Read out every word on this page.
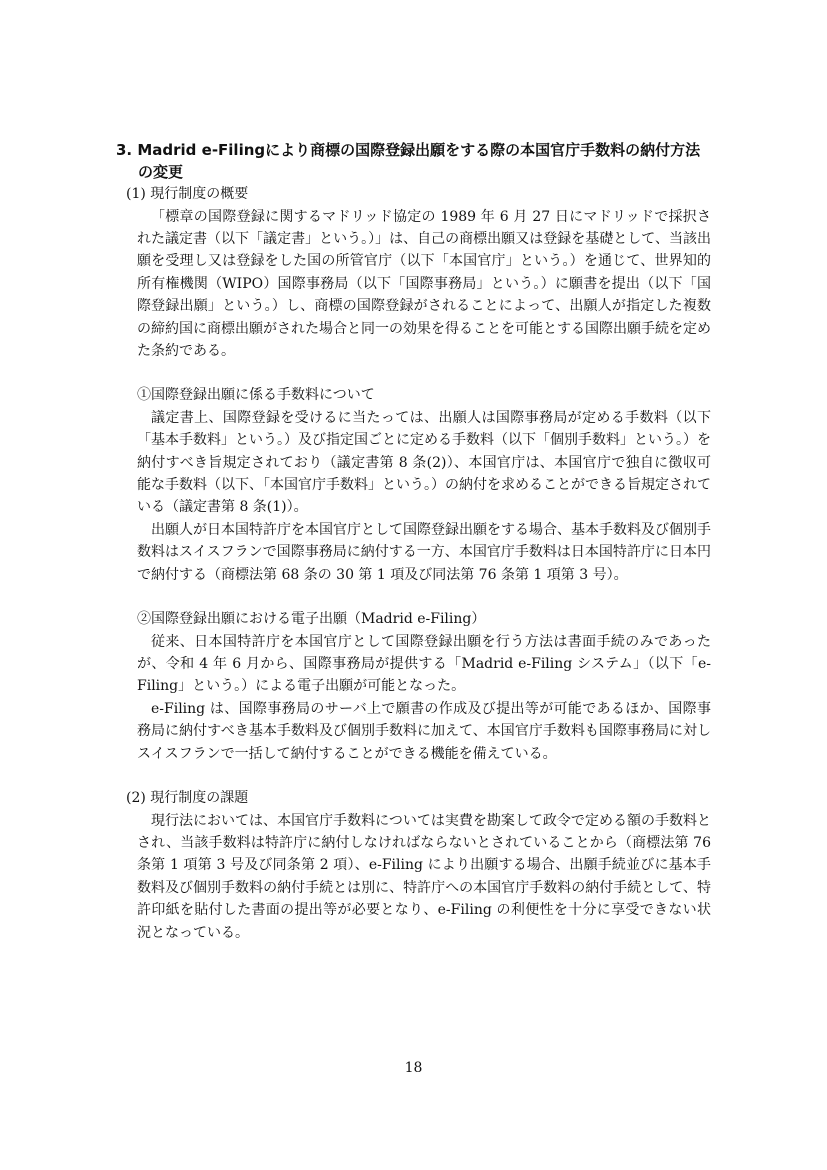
3. Madrid e-Filingにより商標の国際登録出願をする際の本国官庁手数料の納付方法の変更
(1) 現行制度の概要

「標章の国際登録に関するマドリッド協定の 1989 年 6 月 27 日にマドリッドで採択された議定書（以下「議定書」という。）」は、自己の商標出願又は登録を基礎として、当該出願を受理し又は登録をした国の所管官庁（以下「本国官庁」という。）を通じて、世界知的所有権機関（WIPO）国際事務局（以下「国際事務局」という。）に願書を提出（以下「国際登録出願」という。）し、商標の国際登録がされることによって、出願人が指定した複数の締約国に商標出願がされた場合と同一の効果を得ることを可能とする国際出願手続を定めた条約である。

①国際登録出願に係る手数料について

議定書上、国際登録を受けるに当たっては、出願人は国際事務局が定める手数料（以下「基本手数料」という。）及び指定国ごとに定める手数料（以下「個別手数料」という。）を納付すべき旨規定されており（議定書第 8 条(2)）、本国官庁は、本国官庁で独自に徴収可能な手数料（以下、「本国官庁手数料」という。）の納付を求めることができる旨規定されている（議定書第 8 条(1)）。

出願人が日本国特許庁を本国官庁として国際登録出願をする場合、基本手数料及び個別手数料はスイスフランで国際事務局に納付する一方、本国官庁手数料は日本国特許庁に日本円で納付する（商標法第 68 条の 30 第 1 項及び同法第 76 条第 1 項第 3 号）。

②国際登録出願における電子出願（Madrid e-Filing）

従来、日本国特許庁を本国官庁として国際登録出願を行う方法は書面手続のみであったが、令和 4 年 6 月から、国際事務局が提供する「Madrid e-Filing システム」（以下「e-Filing」という。）による電子出願が可能となった。

e-Filing は、国際事務局のサーバ上で願書の作成及び提出等が可能であるほか、国際事務局に納付すべき基本手数料及び個別手数料に加えて、本国官庁手数料も国際事務局に対しスイスフランで一括して納付することができる機能を備えている。

(2) 現行制度の課題

現行法においては、本国官庁手数料については実費を勘案して政令で定める額の手数料とされ、当該手数料は特許庁に納付しなければならないとされていることから（商標法第 76 条第 1 項第 3 号及び同条第 2 項）、e-Filing により出願する場合、出願手続並びに基本手数料及び個別手数料の納付手続とは別に、特許庁への本国官庁手数料の納付手続として、特許印紙を貼付した書面の提出等が必要となり、e-Filing の利便性を十分に享受できない状況となっている。

18
